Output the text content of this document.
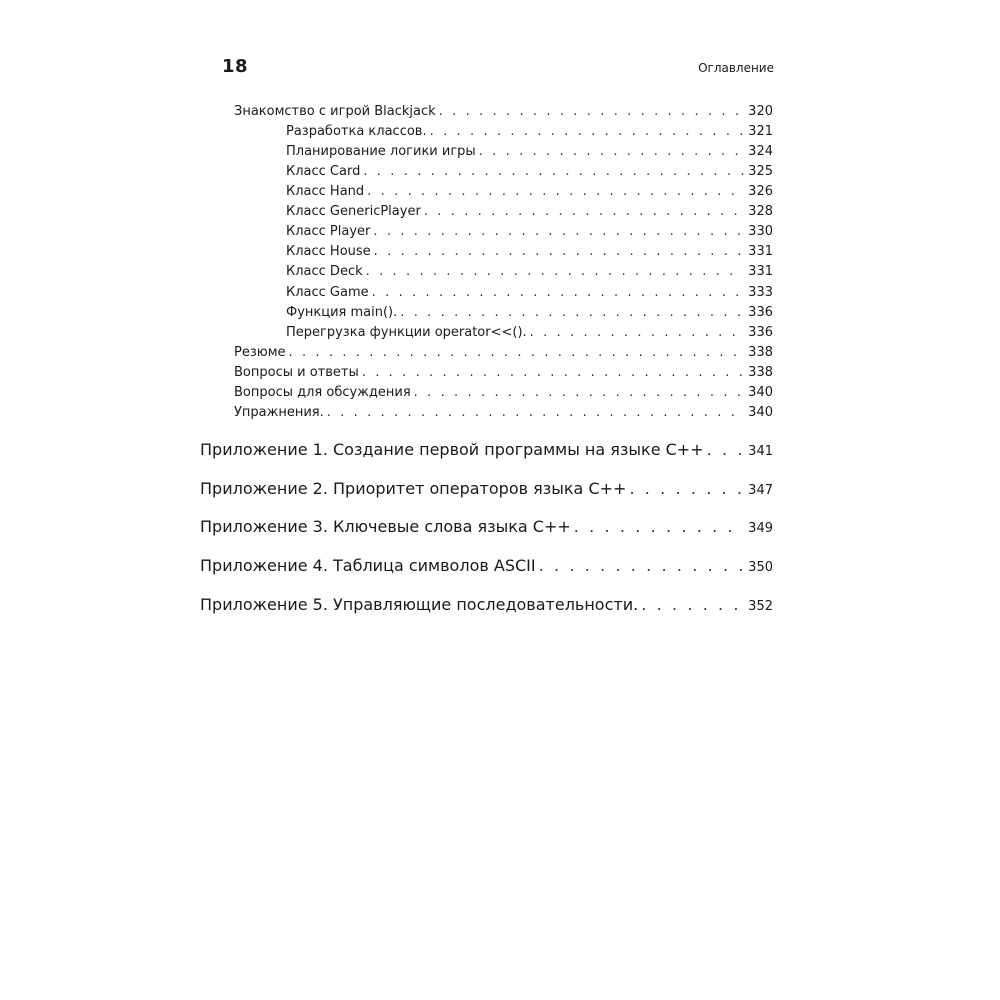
18	Оглавление
Знакомство с игрой Blackjack . . .	320
Разработка классов. . . .	321
Планирование логики игры . . .	324
Класс Card . . .	325
Класс Hand . . .	326
Класс GenericPlayer . . .	328
Класс Player . . .	330
Класс House . . .	331
Класс Deck . . .	331
Класс Game . . .	333
Функция main(). . . .	336
Перегрузка функции operator<<(). . . .	336
Резюме . . .	338
Вопросы и ответы . . .	338
Вопросы для обсуждения . . .	340
Упражнения. . . .	340
Приложение 1. Создание первой программы на языке C++ . . .	341
Приложение 2. Приоритет операторов языка C++ . . .	347
Приложение 3. Ключевые слова языка C++ . . .	349
Приложение 4. Таблица символов ASCII . . .	350
Приложение 5. Управляющие последовательности. . . .	352
